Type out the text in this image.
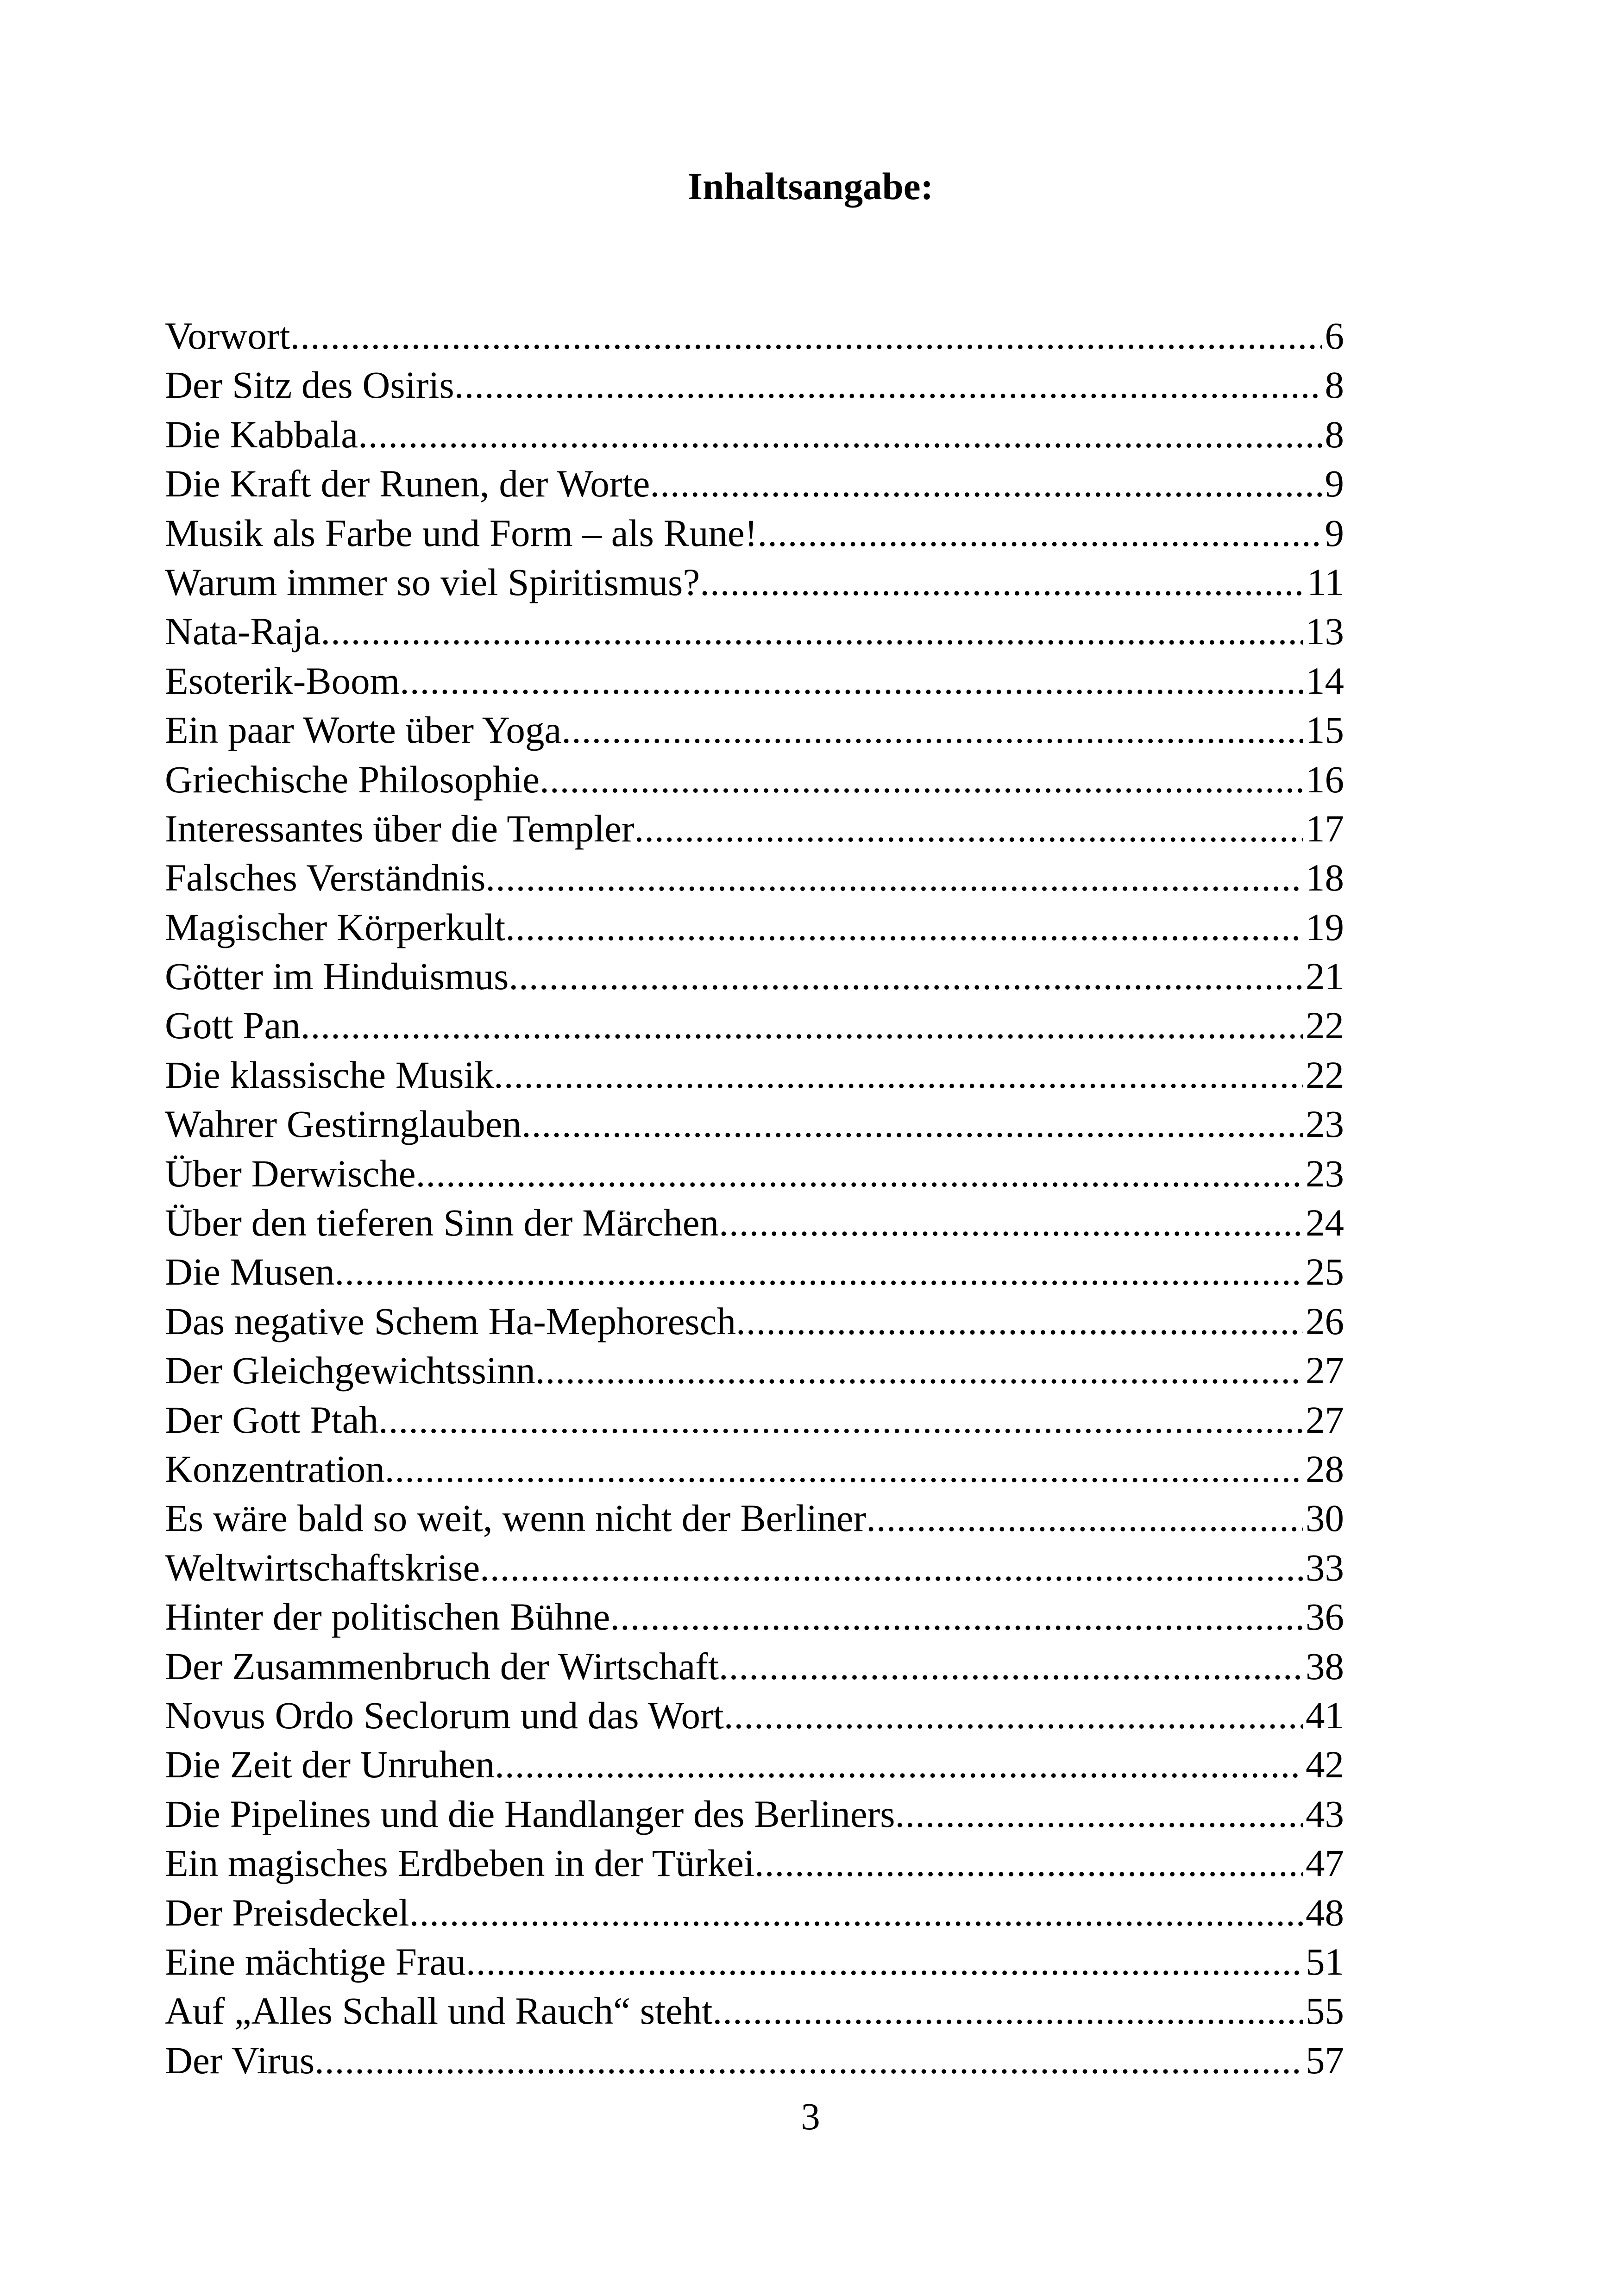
Inhaltsangabe:
Vorwort .....	6
Der Sitz des Osiris .....	8
Die Kabbala .....	8
Die Kraft der Runen, der Worte .....	9
Musik als Farbe und Form – als Rune! .....	9
Warum immer so viel Spiritismus? .....	11
Nata-Raja .....	13
Esoterik-Boom .....	14
Ein paar Worte über Yoga .....	15
Griechische Philosophie .....	16
Interessantes über die Templer .....	17
Falsches Verständnis .....	18
Magischer Körperkult .....	19
Götter im Hinduismus .....	21
Gott Pan .....	22
Die klassische Musik .....	22
Wahrer Gestirnglauben .....	23
Über Derwische .....	23
Über den tieferen Sinn der Märchen .....	24
Die Musen .....	25
Das negative Schem Ha-Mephoresch .....	26
Der Gleichgewichtssinn .....	27
Der Gott Ptah .....	27
Konzentration .....	28
Es wäre bald so weit, wenn nicht der Berliner .....	30
Weltwirtschaftskrise .....	33
Hinter der politischen Bühne .....	36
Der Zusammenbruch der Wirtschaft .....	38
Novus Ordo Seclorum und das Wort .....	41
Die Zeit der Unruhen .....	42
Die Pipelines und die Handlanger des Berliners .....	43
Ein magisches Erdbeben in der Türkei .....	47
Der Preisdeckel .....	48
Eine mächtige Frau .....	51
Auf „Alles Schall und Rauch“ steht .....	55
Der Virus .....	57
3
